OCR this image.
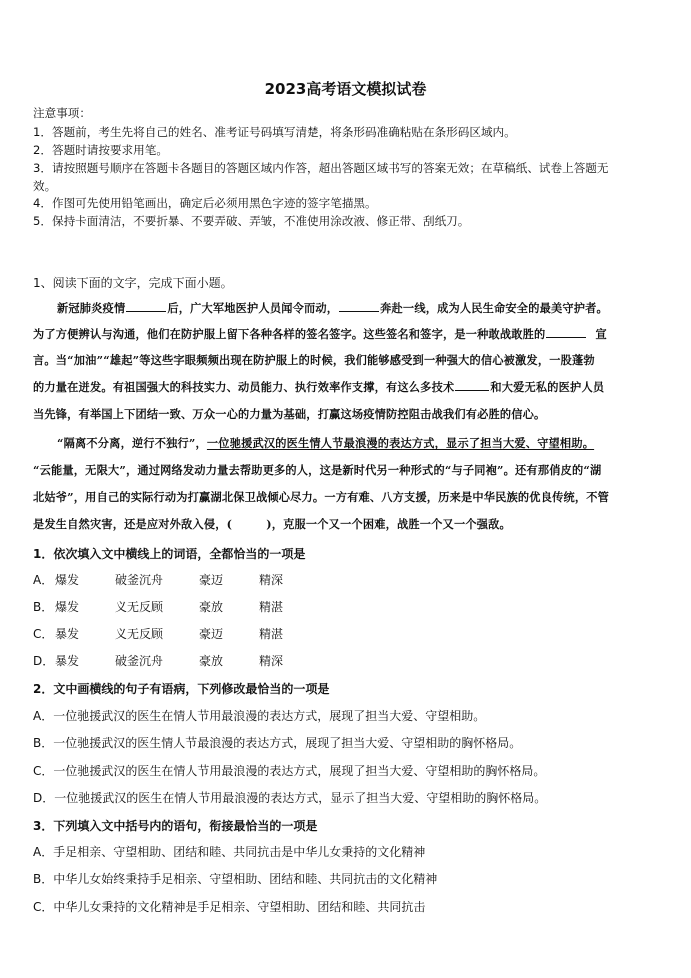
2023高考语文模拟试卷
注意事项：
1．答题前，考生先将自己的姓名、准考证号码填写清楚，将条形码准确粘贴在条形码区域内。
2．答题时请按要求用笔。
3．请按照题号顺序在答题卡各题目的答题区域内作答，超出答题区域书写的答案无效；在草稿纸、试卷上答题无
效。
4．作图可先使用铅笔画出，确定后必须用黑色字迹的签字笔描黑。
5．保持卡面清洁，不要折暴、不要弄破、弄皱，不准使用涂改液、修正带、刮纸刀。
1、阅读下面的文字，完成下面小题。
新冠肺炎疫情	后，广大军地医护人员闻令而动，	奔赴一线，成为人民生命安全的最美守护者。
为了方便辨认与沟通，他们在防护服上留下各种各样的签名签字。这些签名和签字，是一种敢战敢胜的	宣
言。当“加油”“雄起”等这些字眼频频出现在防护服上的时候，我们能够感受到一种强大的信心被激发，一股蓬勃
的力量在迸发。有祖国强大的科技实力、动员能力、执行效率作支撑，有这么多技术	和大爱无私的医护人员
当先锋，有举国上下团结一致、万众一心的力量为基础，打赢这场疫情防控阻击战我们有必胜的信心。
“隔离不分离，逆行不独行”，一位驰援武汉的医生情人节最浪漫的表达方式，显示了担当大爱、守望相助。
“云能量，无限大”，通过网络发动力量去帮助更多的人，这是新时代另一种形式的“与子同袍”。还有那俏皮的“湖
北姑爷”，用自己的实际行动为打赢湖北保卫战倾心尽力。一方有难、八方支援，历来是中华民族的优良传统，不管
是发生自然灾害，还是应对外敌入侵，(　　　)，克服一个又一个困难，战胜一个又一个强敌。
1．依次填入文中横线上的词语，全都恰当的一项是
A． 爆发	破釜沉舟	豪迈	精深
B． 爆发	义无反顾	豪放	精湛
C． 暴发	义无反顾	豪迈	精湛
D．暴发	破釜沉舟	豪放	精深
2．文中画横线的句子有语病，下列修改最恰当的一项是
A．一位驰援武汉的医生在情人节用最浪漫的表达方式，展现了担当大爱、守望相助。
B．一位驰援武汉的医生情人节最浪漫的表达方式，展现了担当大爱、守望相助的胸怀格局。
C．一位驰援武汉的医生在情人节用最浪漫的表达方式，展现了担当大爱、守望相助的胸怀格局。
D．一位驰援武汉的医生在情人节用最浪漫的表达方式，显示了担当大爱、守望相助的胸怀格局。
3．下列填入文中括号内的语句，衔接最恰当的一项是
A．手足相亲、守望相助、团结和睦、共同抗击是中华儿女秉持的文化精神
B．中华儿女始终秉持手足相亲、守望相助、团结和睦、共同抗击的文化精神
C．中华儿女秉持的文化精神是手足相亲、守望相助、团结和睦、共同抗击
